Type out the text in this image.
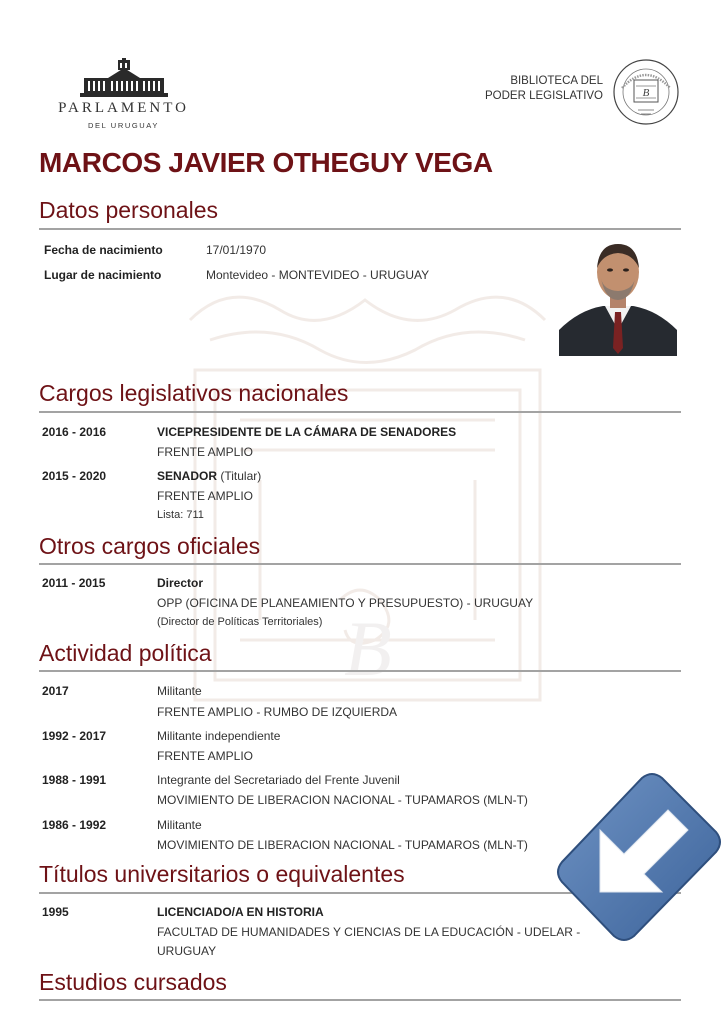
B
PARLAMENTO
DEL URUGUAY
BIBLIOTECA DEL
PODER LEGISLATIVO	B
MARCOS JAVIER OTHEGUY VEGA
Datos personales
Fecha de nacimiento	17/01/1970
Lugar de nacimiento	Montevideo - MONTEVIDEO - URUGUAY
Cargos legislativos nacionales
2016 - 2016	VICEPRESIDENTE DE LA CÁMARA DE SENADORES
FRENTE AMPLIO
2015 - 2020	SENADOR (Titular)
FRENTE AMPLIO
Lista: 711
Otros cargos oficiales
2011 - 2015	Director
OPP (OFICINA DE PLANEAMIENTO Y PRESUPUESTO) - URUGUAY
(Director de Políticas Territoriales)
Actividad política
2017	Militante
FRENTE AMPLIO - RUMBO DE IZQUIERDA
1992 - 2017	Militante independiente
FRENTE AMPLIO
1988 - 1991	Integrante del Secretariado del Frente Juvenil
MOVIMIENTO DE LIBERACION NACIONAL - TUPAMAROS (MLN-T)
1986 - 1992	Militante
MOVIMIENTO DE LIBERACION NACIONAL - TUPAMAROS (MLN-T)
Títulos universitarios o equivalentes
1995	LICENCIADO/A EN HISTORIA
FACULTAD DE HUMANIDADES Y CIENCIAS DE LA EDUCACIÓN - UDELAR -
URUGUAY
Estudios cursados
